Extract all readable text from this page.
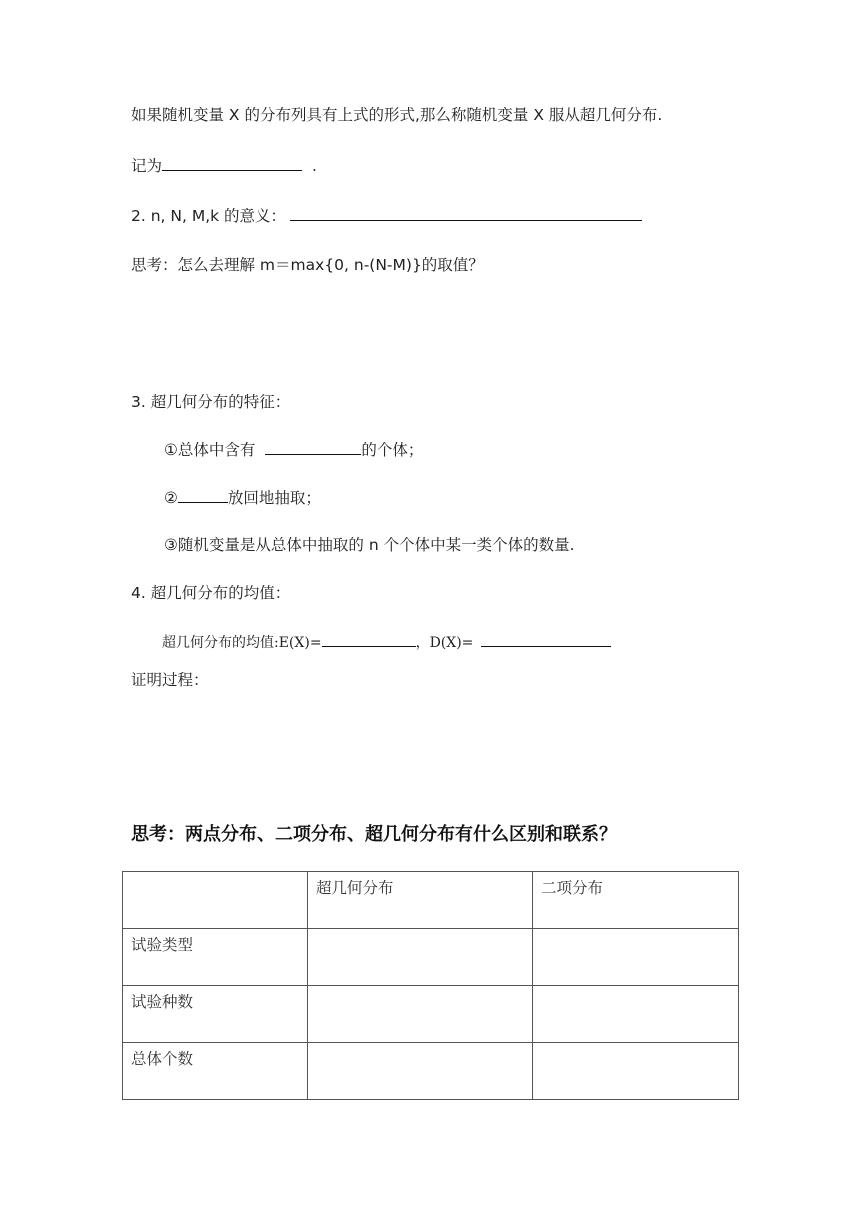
如果随机变量 X 的分布列具有上式的形式,那么称随机变量 X 服从超几何分布.
记为	.
2. n, N, M,k 的意义：
思考：怎么去理解 m＝max{0, n-(N-M)}的取值？
3. 超几何分布的特征：
①总体中含有	的个体；
②	放回地抽取；
③随机变量是从总体中抽取的 n 个个体中某一类个体的数量.
4. 超几何分布的均值：
超几何分布的均值:E(X)=	，D(X)=
证明过程：
思考：两点分布、二项分布、超几何分布有什么区别和联系？
	超几何分布	二项分布
试验类型		
试验种数		
总体个数		
